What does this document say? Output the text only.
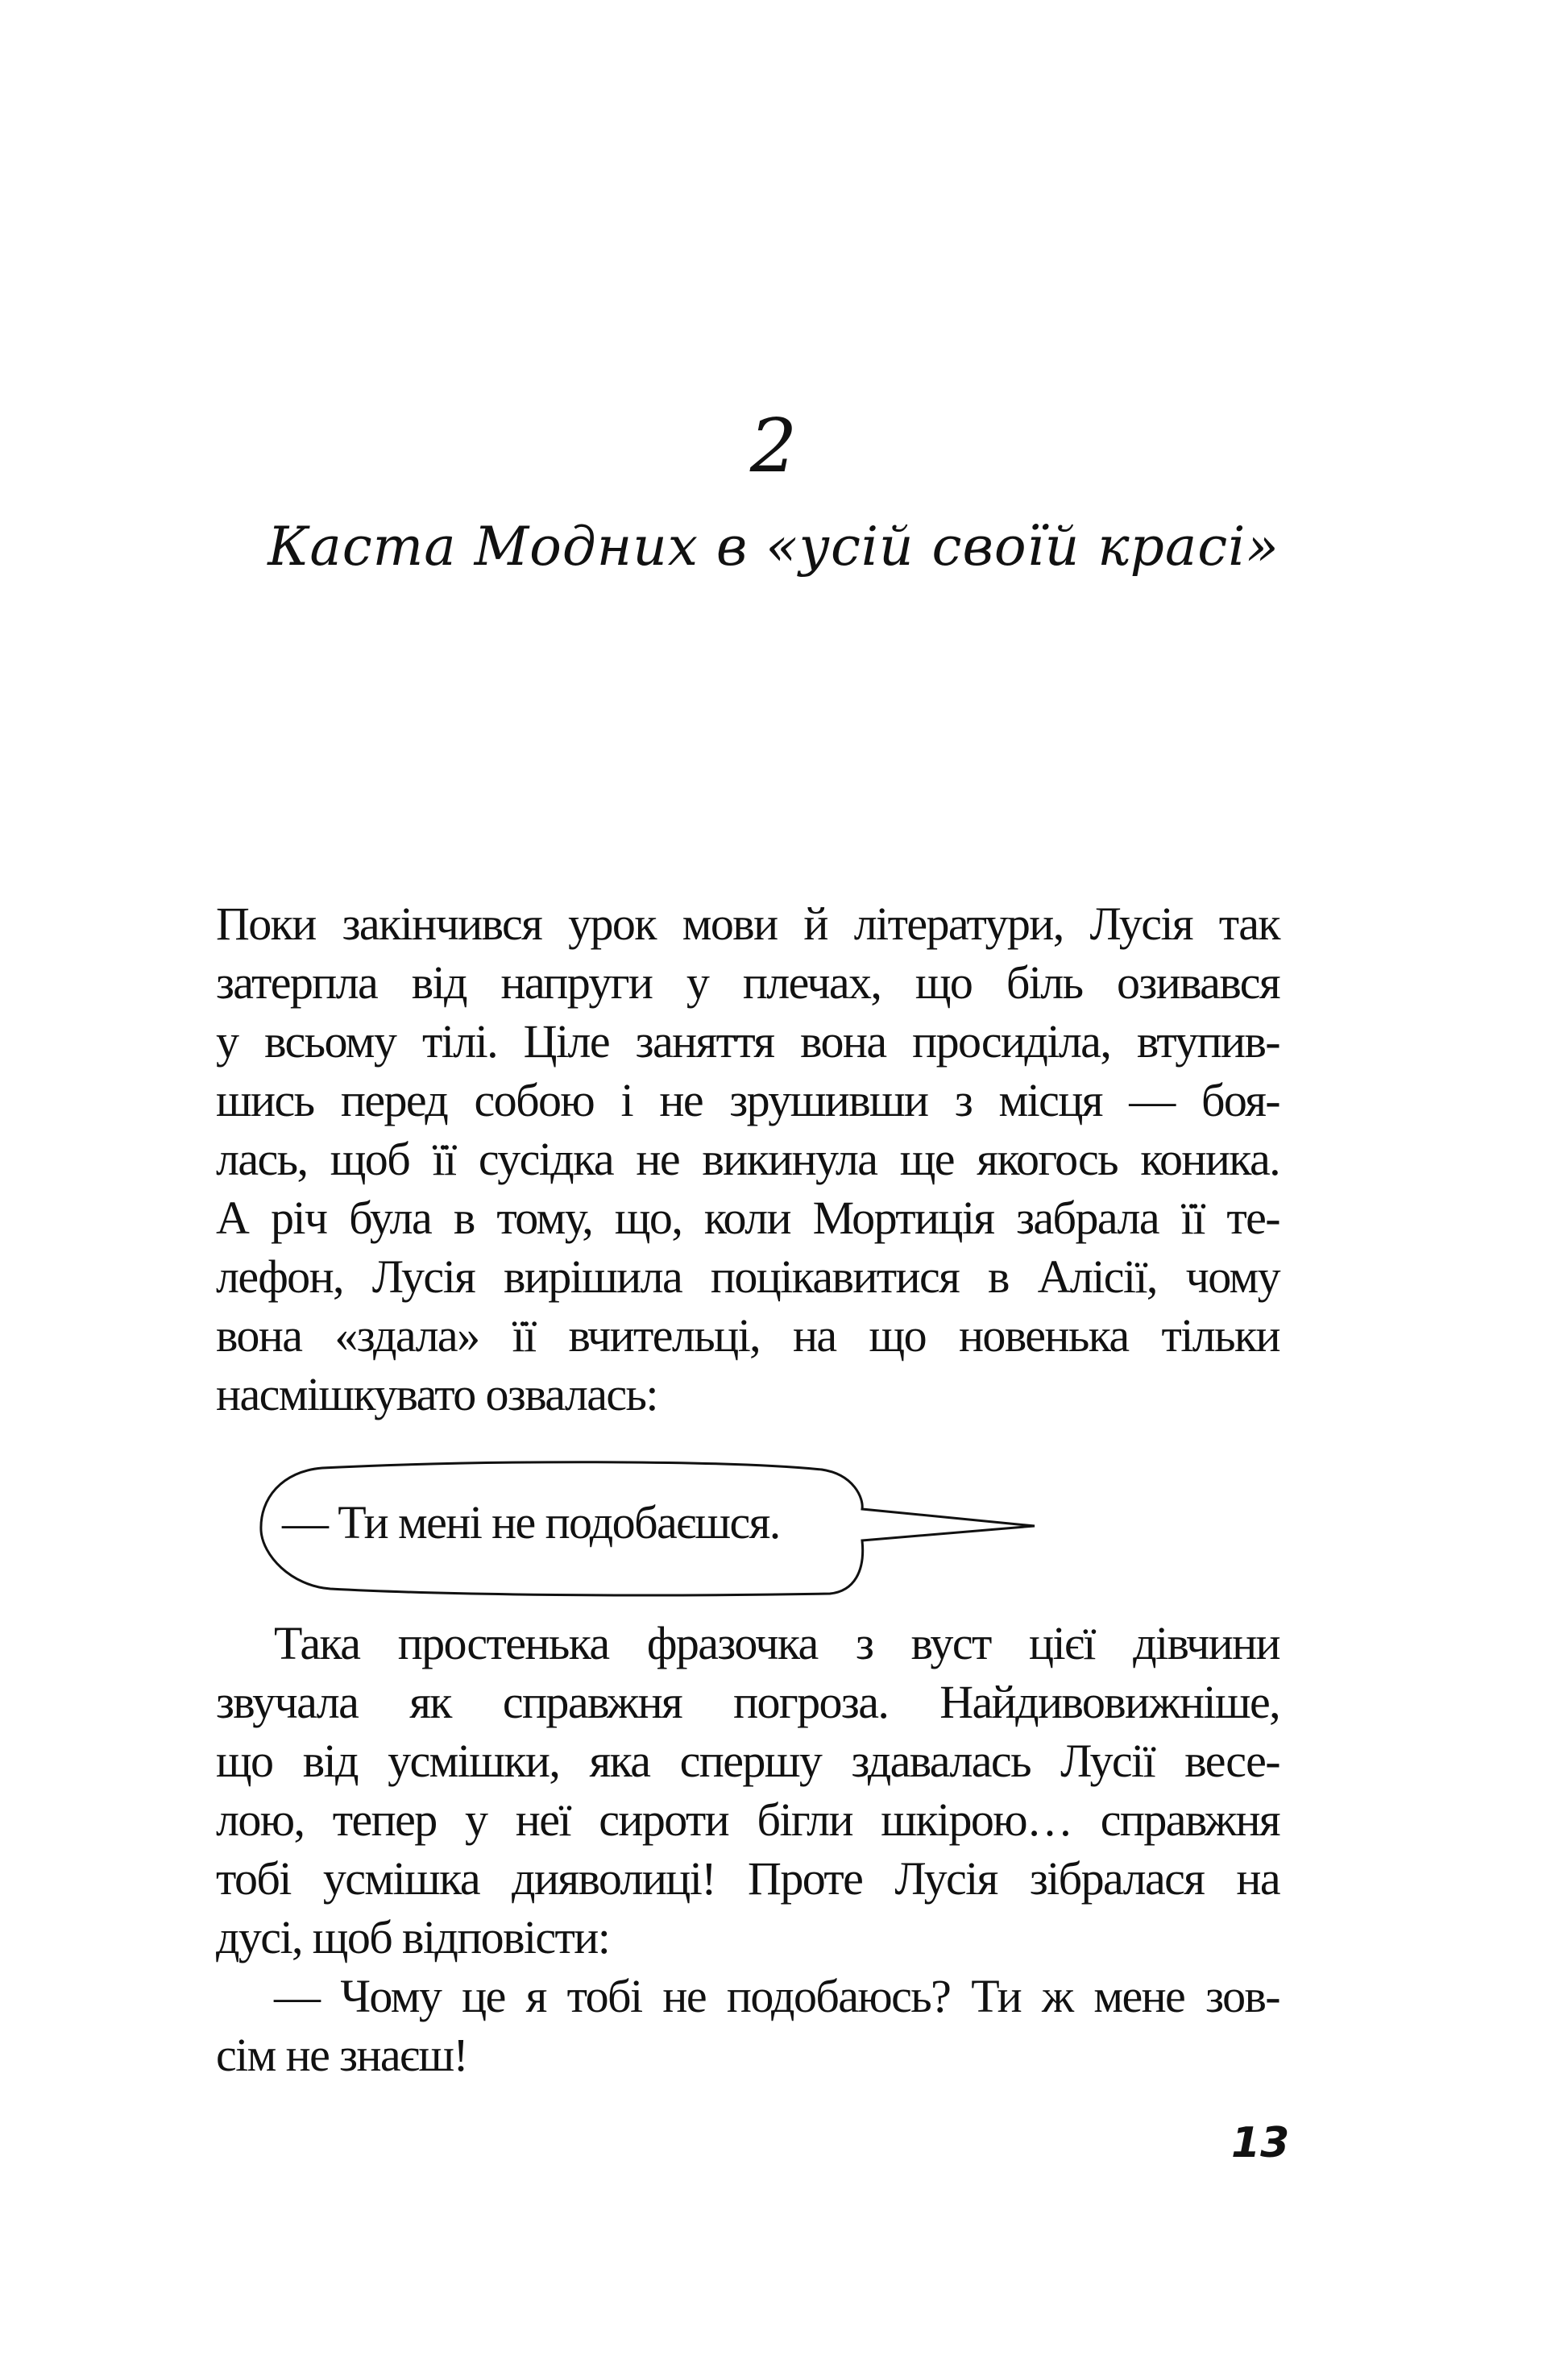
2
Каста Модних в «усій своїй красі»
Поки закінчився урок мови й літератури, Лусія так
затерпла від напруги у плечах, що біль озивався
у всьому тілі. Ціле заняття вона просиділа, втупив-
шись перед собою і не зрушивши з місця — боя-
лась, щоб її сусідка не викинула ще якогось коника.
А річ була в тому, що, коли Мортиція забрала її те-
лефон, Лусія вирішила поцікавитися в Алісії, чому
вона «здала» її вчительці, на що новенька тільки
насмішкувато озвалась:
— Ти мені не подобаєшся.
Така простенька фразочка з вуст цієї дівчини
звучала як справжня погроза. Найдивовижніше,
що від усмішки, яка спершу здавалась Лусії весе-
лою, тепер у неї сироти бігли шкірою… справжня
тобі усмішка дияволиці! Проте Лусія зібралася на
дусі, щоб відповісти:
— Чому це я тобі не подобаюсь? Ти ж мене зов-
сім не знаєш!
13
